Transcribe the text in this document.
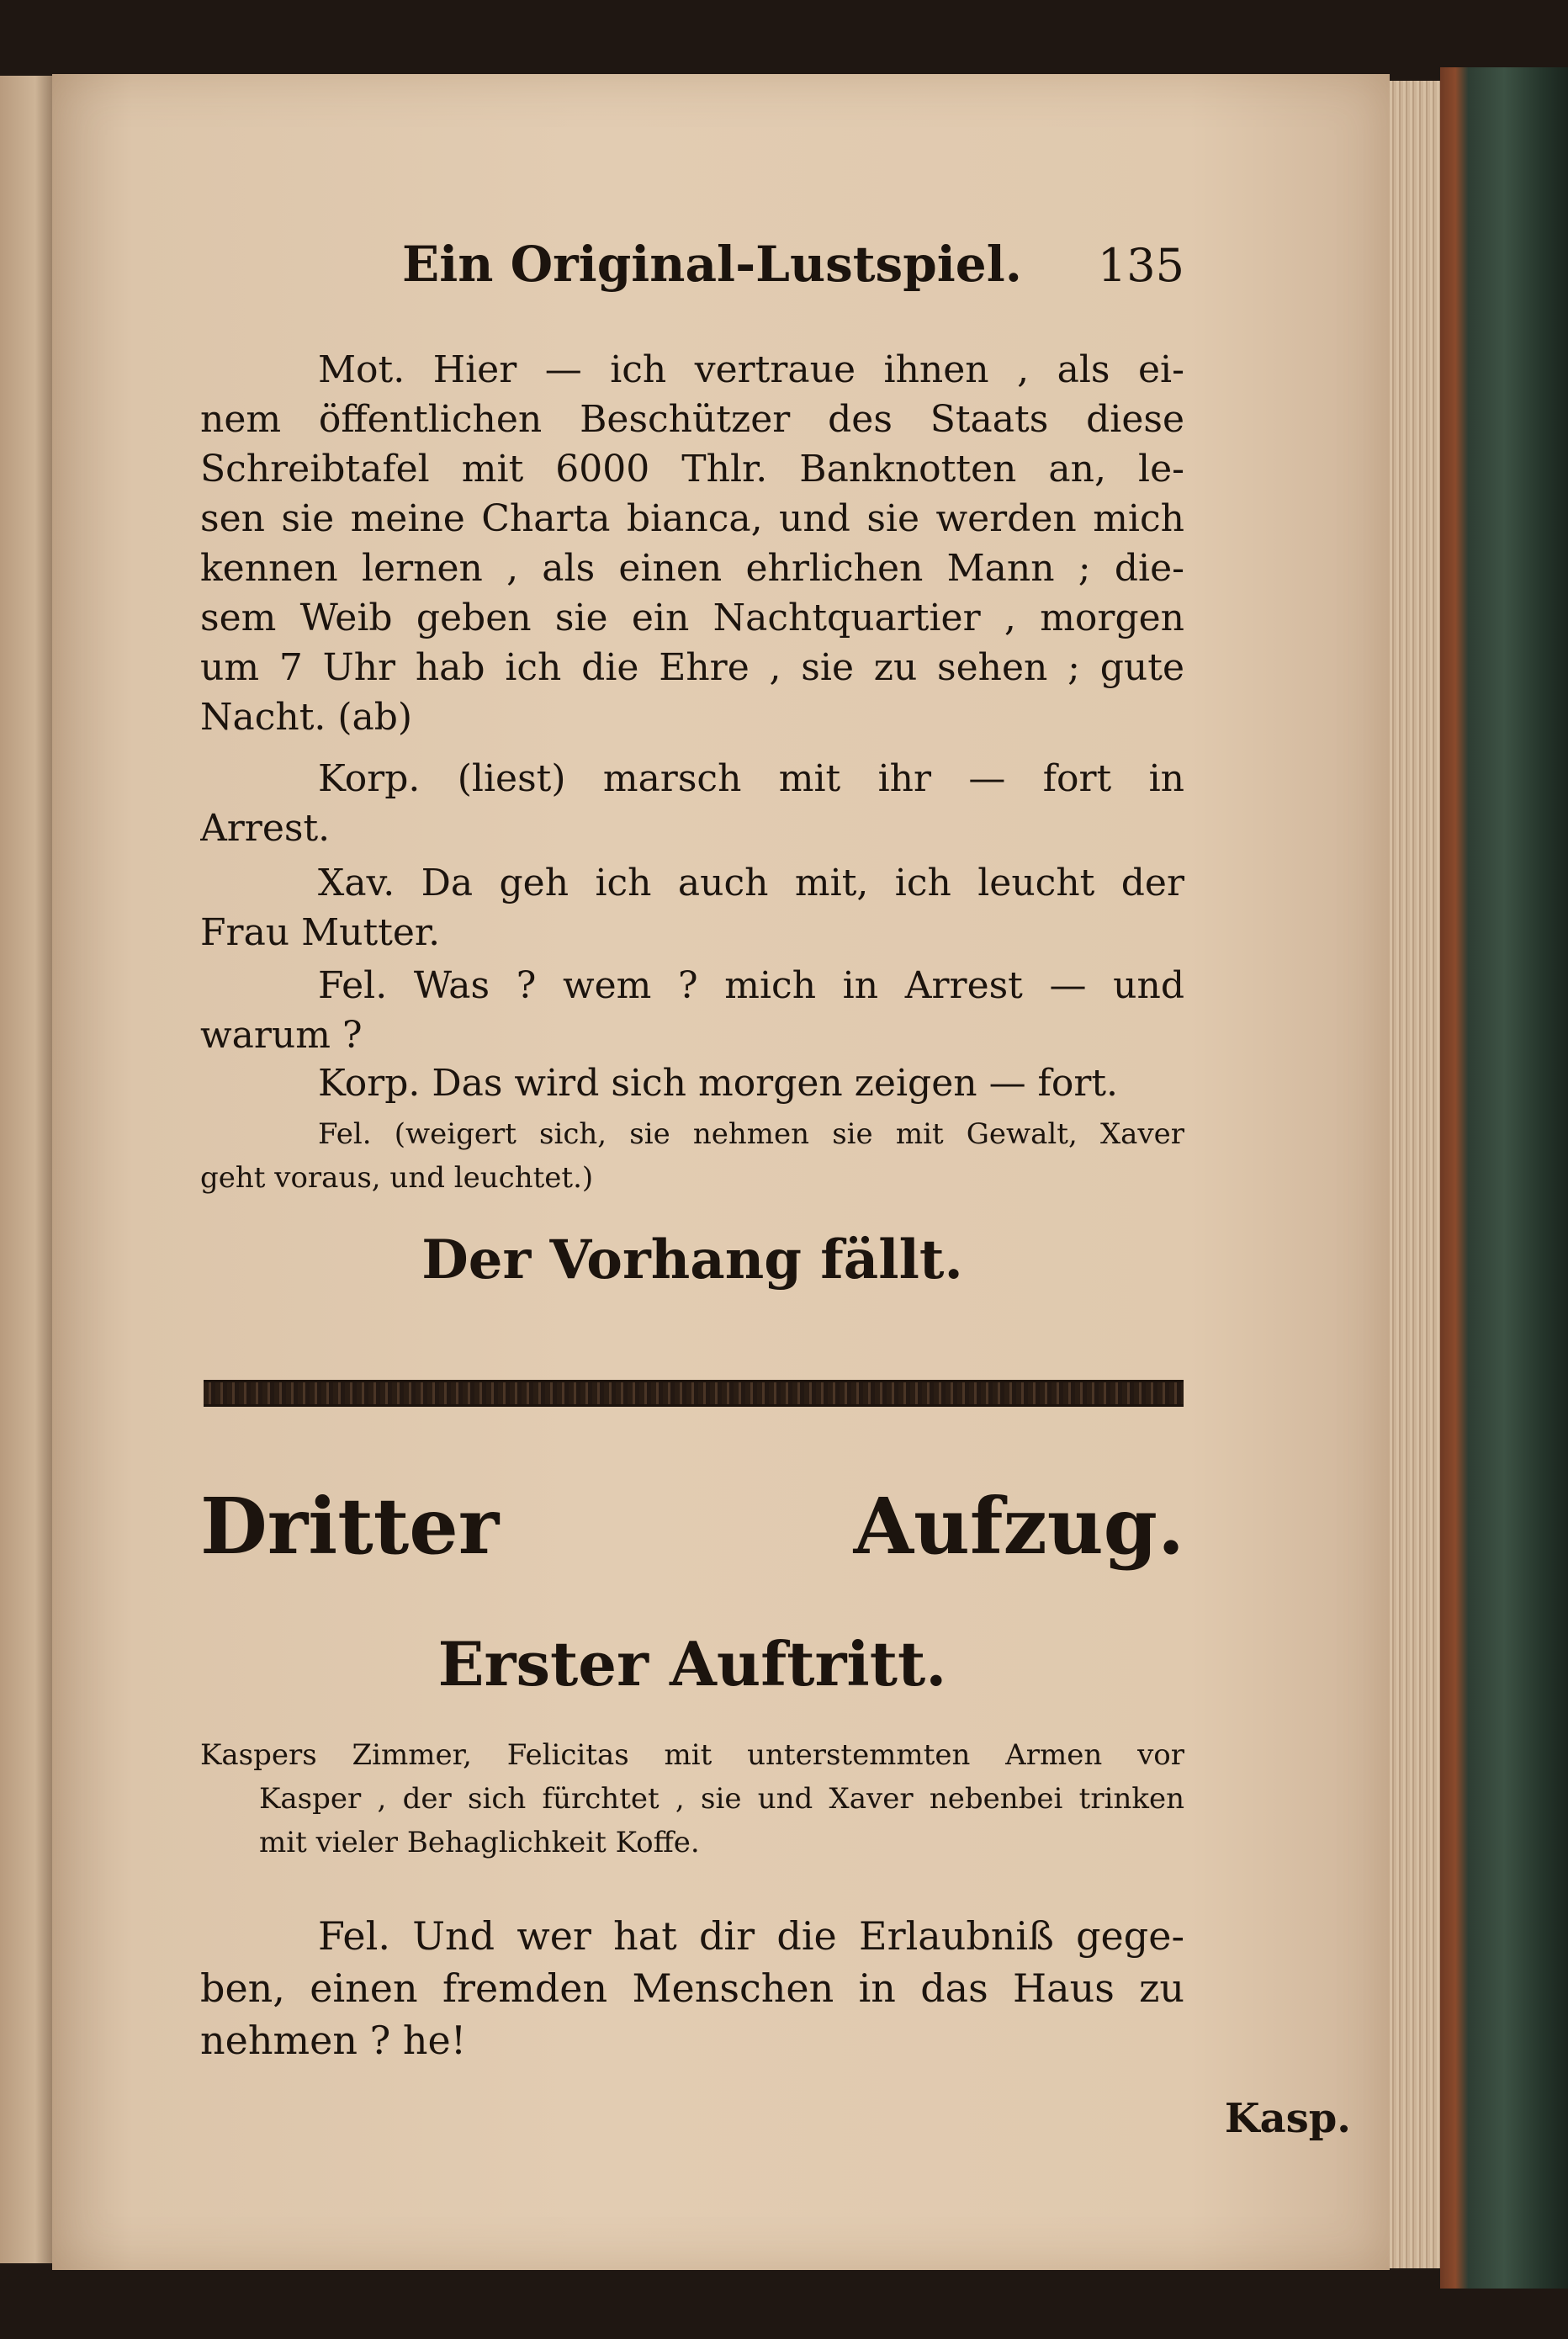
Ein Original-Lustspiel. 135
Mot. Hier — ich vertraue ihnen , als ei-
nem öffentlichen Beschützer des Staats diese
Schreibtafel mit 6000 Thlr. Banknotten an, le-
sen sie meine Charta bianca, und sie werden mich
kennen lernen , als einen ehrlichen Mann ; die-
sem Weib geben sie ein Nachtquartier , morgen
um 7 Uhr hab ich die Ehre , sie zu sehen ; gute
Nacht. (ab)
Korp. (liest) marsch mit ihr — fort in
Arrest.
Xav. Da geh ich auch mit, ich leucht der
Frau Mutter.
Fel. Was ? wem ? mich in Arrest — und
warum ?
Korp. Das wird sich morgen zeigen — fort.
Fel. (weigert sich, sie nehmen sie mit Gewalt, Xaver
geht voraus, und leuchtet.)
Der Vorhang fällt.
Dritter Aufzug.
Erster Auftritt.
Kaspers Zimmer, Felicitas mit unterstemmten Armen vor
Kasper , der sich fürchtet , sie und Xaver nebenbei trinken
mit vieler Behaglichkeit Koffe.
Fel. Und wer hat dir die Erlaubniß gege-
ben, einen fremden Menschen in das Haus zu
nehmen ? he!
Kasp.
